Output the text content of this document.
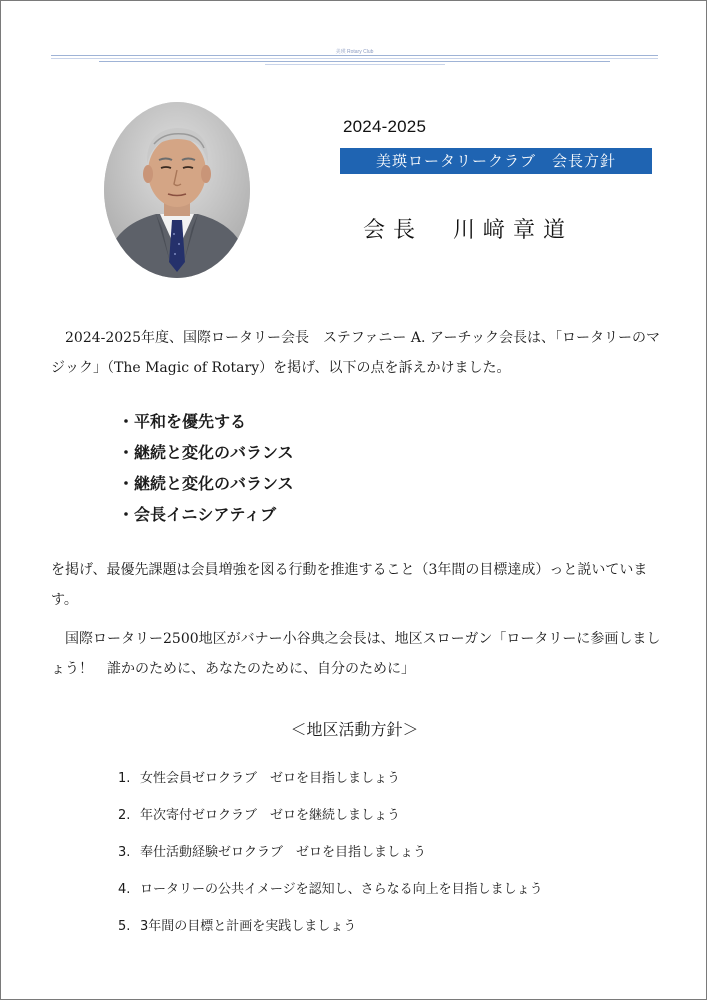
美瑛 Rotary Club
2024-2025
美瑛ロータリークラブ　会長方針
会長　川﨑章道
2024-2025年度、国際ロータリー会長　ステファニー A. アーチック会長は、「ロータリーのマジック」（The Magic of Rotary）を掲げ、以下の点を訴えかけました。
・平和を優先する
・継続と変化のバランス
・継続と変化のバランス
・会長イニシアティブ
を掲げ、最優先課題は会員増強を図る行動を推進すること（3年間の目標達成）っと説いています。
国際ロータリー2500地区がバナー小谷典之会長は、地区スローガン「ロータリーに参画しましょう！　誰かのために、あなたのために、自分のために」
＜地区活動方針＞
1. 女性会員ゼロクラブ　ゼロを目指しましょう
2. 年次寄付ゼロクラブ　ゼロを継続しましょう
3. 奉仕活動経験ゼロクラブ　ゼロを目指しましょう
4. ロータリーの公共イメージを認知し、さらなる向上を目指しましょう
5. 3年間の目標と計画を実践しましょう
